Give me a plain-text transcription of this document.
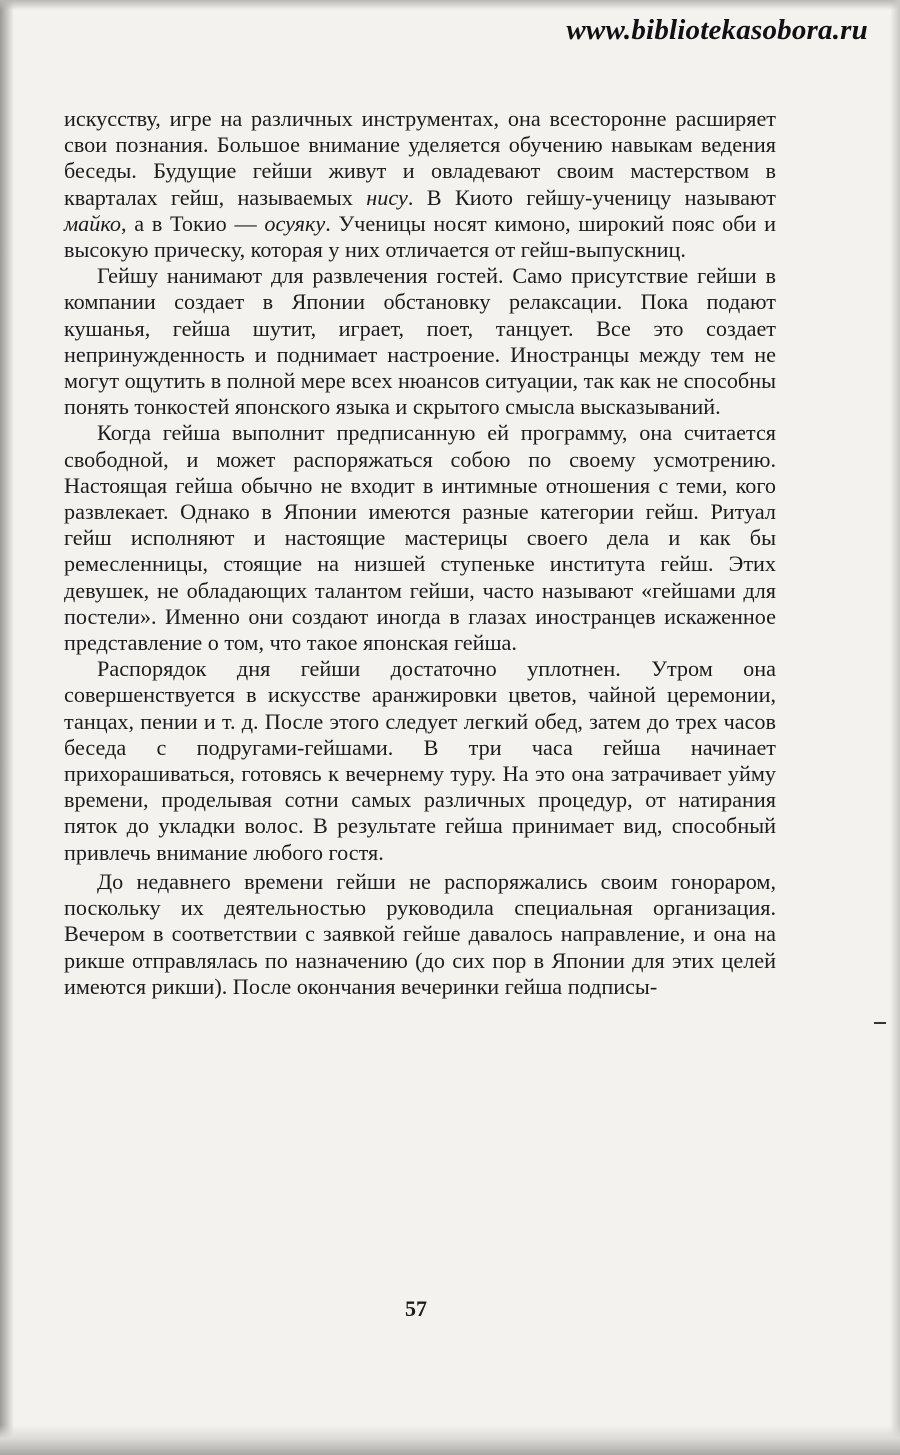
www.bibliotekasobora.ru

искусству, игре на различных инструментах, она всесторонне расширяет свои познания. Большое внимание уделяется обучению навыкам ведения беседы. Будущие гейши живут и овладевают своим мастерством в кварталах гейш, называемых нису. В Киото гейшу-ученицу называют майко, а в Токио — осуяку. Ученицы носят кимоно, широкий пояс оби и высокую прическу, которая у них отличается от гейш-выпускниц.

Гейшу нанимают для развлечения гостей. Само присутствие гейши в компании создает в Японии обстановку релаксации. Пока подают кушанья, гейша шутит, играет, поет, танцует. Все это создает непринужденность и поднимает настроение. Иностранцы между тем не могут ощутить в полной мере всех нюансов ситуации, так как не способны понять тонкостей японского языка и скрытого смысла высказываний.

Когда гейша выполнит предписанную ей программу, она считается свободной, и может распоряжаться собою по своему усмотрению. Настоящая гейша обычно не входит в интимные отношения с теми, кого развлекает. Однако в Японии имеются разные категории гейш. Ритуал гейш исполняют и настоящие мастерицы своего дела и как бы ремесленницы, стоящие на низшей ступеньке института гейш. Этих девушек, не обладающих талантом гейши, часто называют «гейшами для постели». Именно они создают иногда в глазах иностранцев искаженное представление о том, что такое японская гейша.

Распорядок дня гейши достаточно уплотнен. Утром она совершенствуется в искусстве аранжировки цветов, чайной церемонии, танцах, пении и т. д. После этого следует легкий обед, затем до трех часов беседа с подругами-гейшами. В три часа гейша начинает прихорашиваться, готовясь к вечернему туру. На это она затрачивает уйму времени, проделывая сотни самых различных процедур, от натирания пяток до укладки волос. В результате гейша принимает вид, способный привлечь внимание любого гостя.

До недавнего времени гейши не распоряжались своим гонораром, поскольку их деятельностью руководила специальная организация. Вечером в соответствии с заявкой гейше давалось направление, и она на рикше отправлялась по назначению (до сих пор в Японии для этих целей имеются рикши). После окончания вечеринки гейша подписы-

57
